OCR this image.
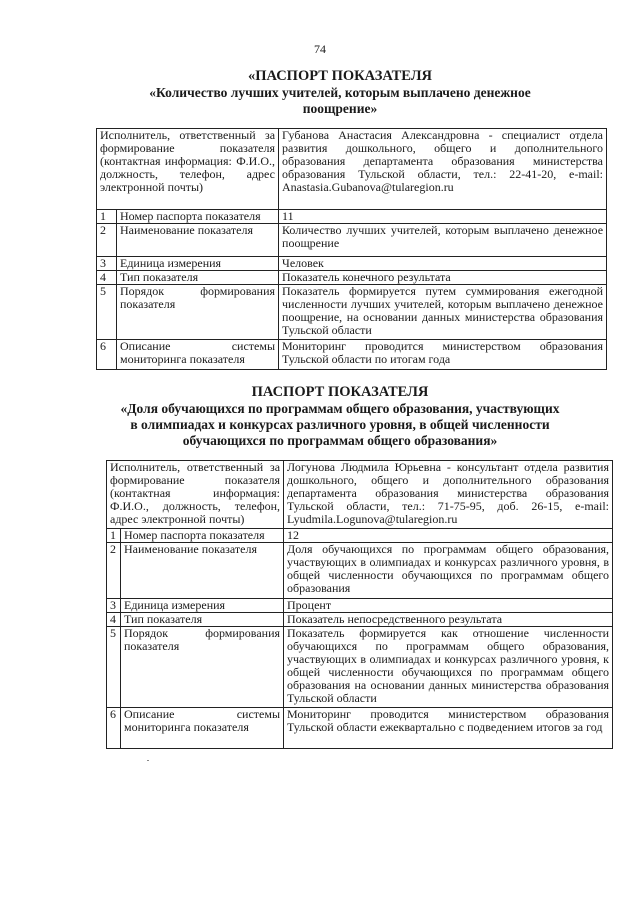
74
«ПАСПОРТ ПОКАЗАТЕЛЯ
«Количество лучших учителей, которым выплачено денежное
поощрение»
Исполнитель, ответственный за формирование показателя (контактная информация: Ф.И.О., должность, телефон, адрес электронной почты)		Губанова Анастасия Александровна - специалист отдела развития дошкольного, общего и дополнительного образования департамента образования министерства образования Тульской области, тел.: 22-41-20, e-mail: Anastasia.Gubanova@tularegion.ru
1	Номер паспорта показателя	11
2	Наименование показателя	Количество лучших учителей, которым выплачено денежное поощрение
3	Единица измерения	Человек
4	Тип показателя	Показатель конечного результата
5	Порядок формирования показателя	Показатель формируется путем суммирования ежегодной численности лучших учителей, которым выплачено денежное поощрение, на основании данных министерства образования Тульской области
6	Описание системы мониторинга показателя	Мониторинг проводится министерством образования Тульской области по итогам года
ПАСПОРТ ПОКАЗАТЕЛЯ
«Доля обучающихся по программам общего образования, участвующих
в олимпиадах и конкурсах различного уровня, в общей численности
обучающихся по программам общего образования»
Исполнитель, ответственный за формирование показателя (контактная информация: Ф.И.О., должность, телефон, адрес электронной почты)		Логунова Людмила Юрьевна - консультант отдела развития дошкольного, общего и дополнительного образования департамента образования министерства образования Тульской области, тел.: 71-75-95, доб. 26-15, e-mail: Lyudmila.Logunova@tularegion.ru
1	Номер паспорта показателя	12
2	Наименование показателя	Доля обучающихся по программам общего образования, участвующих в олимпиадах и конкурсах различного уровня, в общей численности обучающихся по программам общего образования
3	Единица измерения	Процент
4	Тип показателя	Показатель непосредственного результата
5	Порядок формирования показателя	Показатель формируется как отношение численности обучающихся по программам общего образования, участвующих в олимпиадах и конкурсах различного уровня, к общей численности обучающихся по программам общего образования на основании данных министерства образования Тульской области
6	Описание системы мониторинга показателя	Мониторинг проводится министерством образования Тульской области ежеквартально с подведением итогов за год
